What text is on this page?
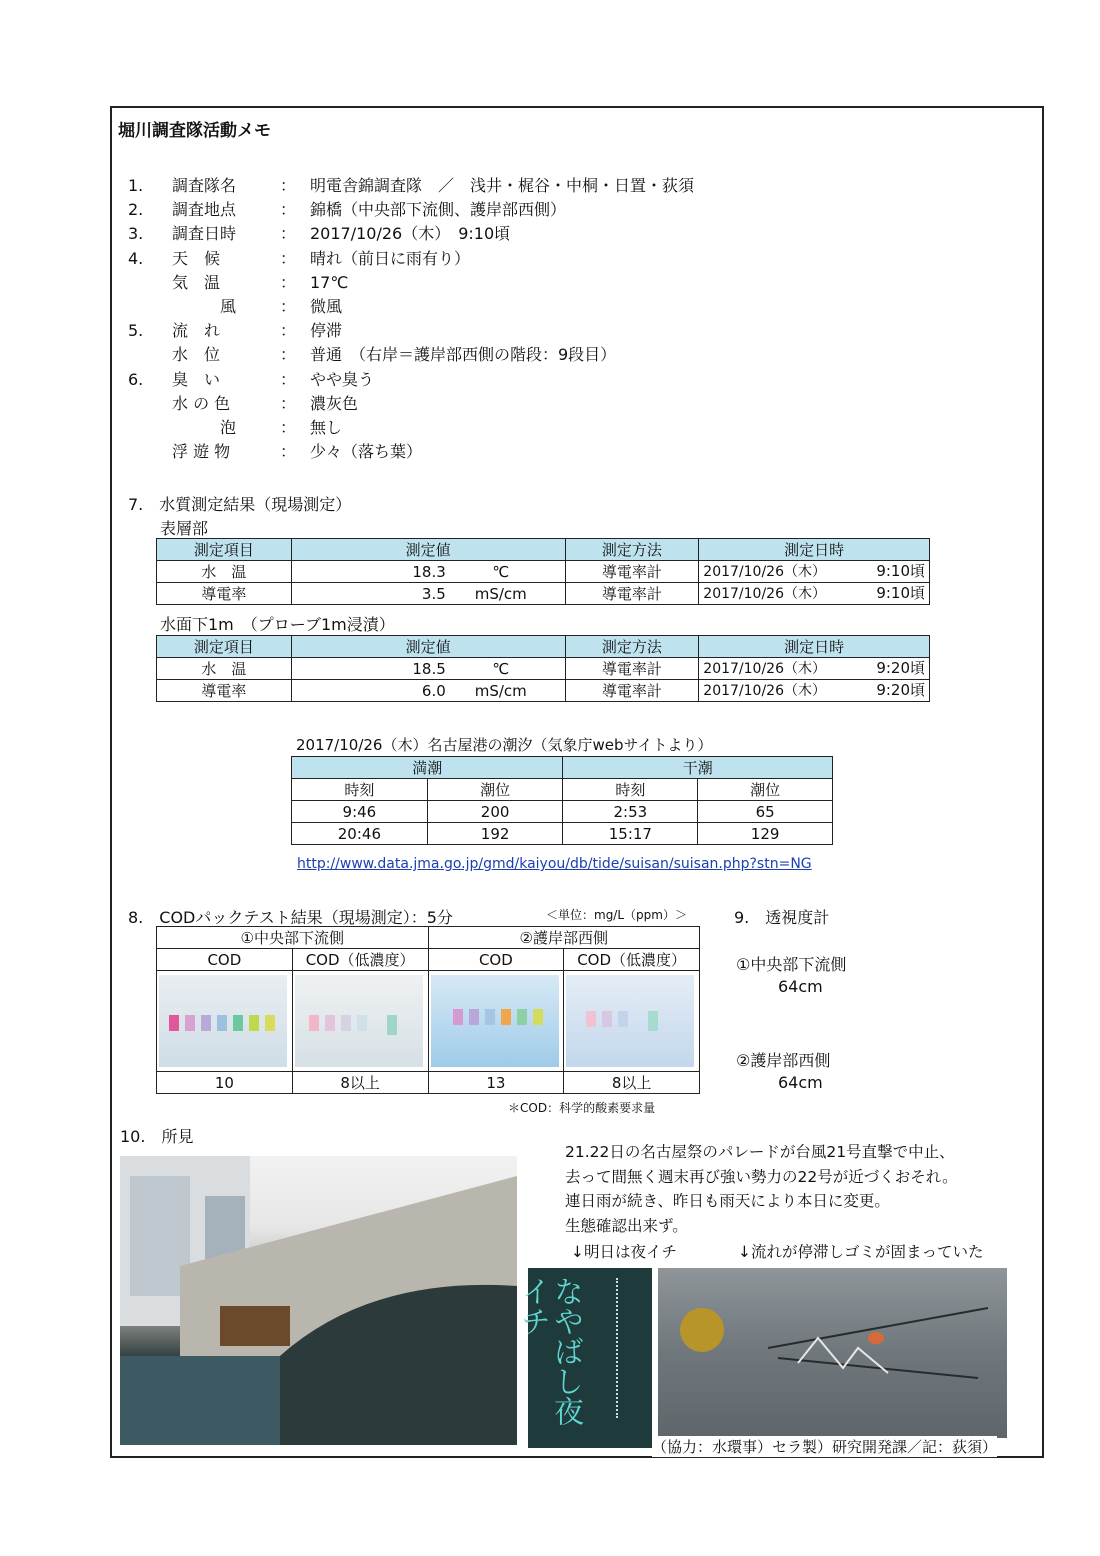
堀川調査隊活動メモ
1. 調査隊名	： 明電舎錦調査隊　／　浅井・梶谷・中桐・日置・荻須
2. 調査地点	： 錦橋（中央部下流側、護岸部西側）
3. 調査日時	： 2017/10/26（木）　9:10頃
4. 天　候	： 晴れ（前日に雨有り）
気　温	： 17℃
風	： 微風
5. 流　れ	： 停滞
水　位	： 普通　（右岸＝護岸部西側の階段：9段目）
6. 臭　い	： やや臭う
水 の 色	： 濃灰色
泡	： 無し
浮 遊 物	： 少々（落ち葉）
7.　水質測定結果（現場測定）
表層部
測定項目	測定値	測定方法	測定日時
水　温	18.3 ℃	導電率計	2017/10/26（木） 9:10頃

導電率	3.5 mS/cm	導電率計	2017/10/26（木） 9:10頃
水面下1m　（プローブ1m浸漬）
測定項目	測定値	測定方法	測定日時
水　温	18.5 ℃	導電率計	2017/10/26（木） 9:20頃

導電率	6.0 mS/cm	導電率計	2017/10/26（木） 9:20頃
2017/10/26（木）名古屋港の潮汐（気象庁webサイトより）
満潮		干潮	
時刻	潮位	時刻	潮位
9:46	200	2:53	65
20:46	192	15:17	129
http://www.data.jma.go.jp/gmd/kaiyou/db/tide/suisan/suisan.php?stn=NG
8.　CODパックテスト結果（現場測定）：5分	＜単位：mg/L（ppm）＞
①中央部下流側		②護岸部西側	
COD	COD（低濃度）	COD	COD（低濃度）

10	8以上	13	8以上
＊COD：科学的酸素要求量
9.　透視度計
①中央部下流側
64cm
②護岸部西側
64cm
10.　所見
21.22日の名古屋祭のパレードが台風21号直撃で中止、
去って間無く週末再び強い勢力の22号が近づくおそれ。
連日雨が続き、昨日も雨天により本日に変更。
生態確認出来ず。
↓明日は夜イチ	↓流れが停滞しゴミが固まっていた
なやばし夜イチ
（協力：水環事）セラ製）研究開発課／記：荻須）
